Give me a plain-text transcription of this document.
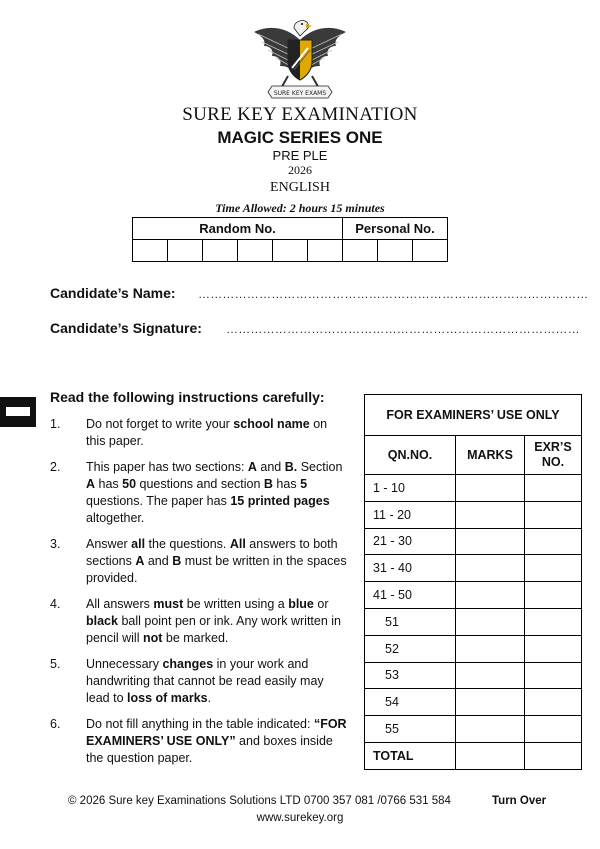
SURE KEY EXAMS
SURE KEY EXAMINATION
MAGIC SERIES ONE
PRE PLE
2026
ENGLISH
Time Allowed: 2 hours 15 minutes
Random No.						Personal No.		

Candidate’s Name: ……………………………………………………………………………………
Candidate’s Signature: ……………………………………………………………………………
Read the following instructions carefully:
1.	Do not forget to write your school name on this paper.
2.	This paper has two sections: A and B. Section A has 50 questions and section B has 5 questions. The paper has 15 printed pages altogether.
3.	Answer all the questions. All answers to both sections A and B must be written in the spaces provided.
4.	All answers must be written using a blue or black ball point pen or ink. Any work written in pencil will not be marked.
5.	Unnecessary changes in your work and handwriting that cannot be read easily may lead to loss of marks.
6.	Do not fill anything in the table indicated: “FOR EXAMINERS’ USE ONLY” and boxes inside the question paper.
FOR EXAMINERS’ USE ONLY		
QN.NO.	MARKS	EXR’S NO.
1 - 10		
11 - 20		
21 - 30		
31 - 40		
41 - 50		
51		
52		
53		
54		
55		
TOTAL		
© 2026 Sure key Examinations Solutions LTD 0700 357 081 /0766 531 584	Turn Over
www.surekey.org
